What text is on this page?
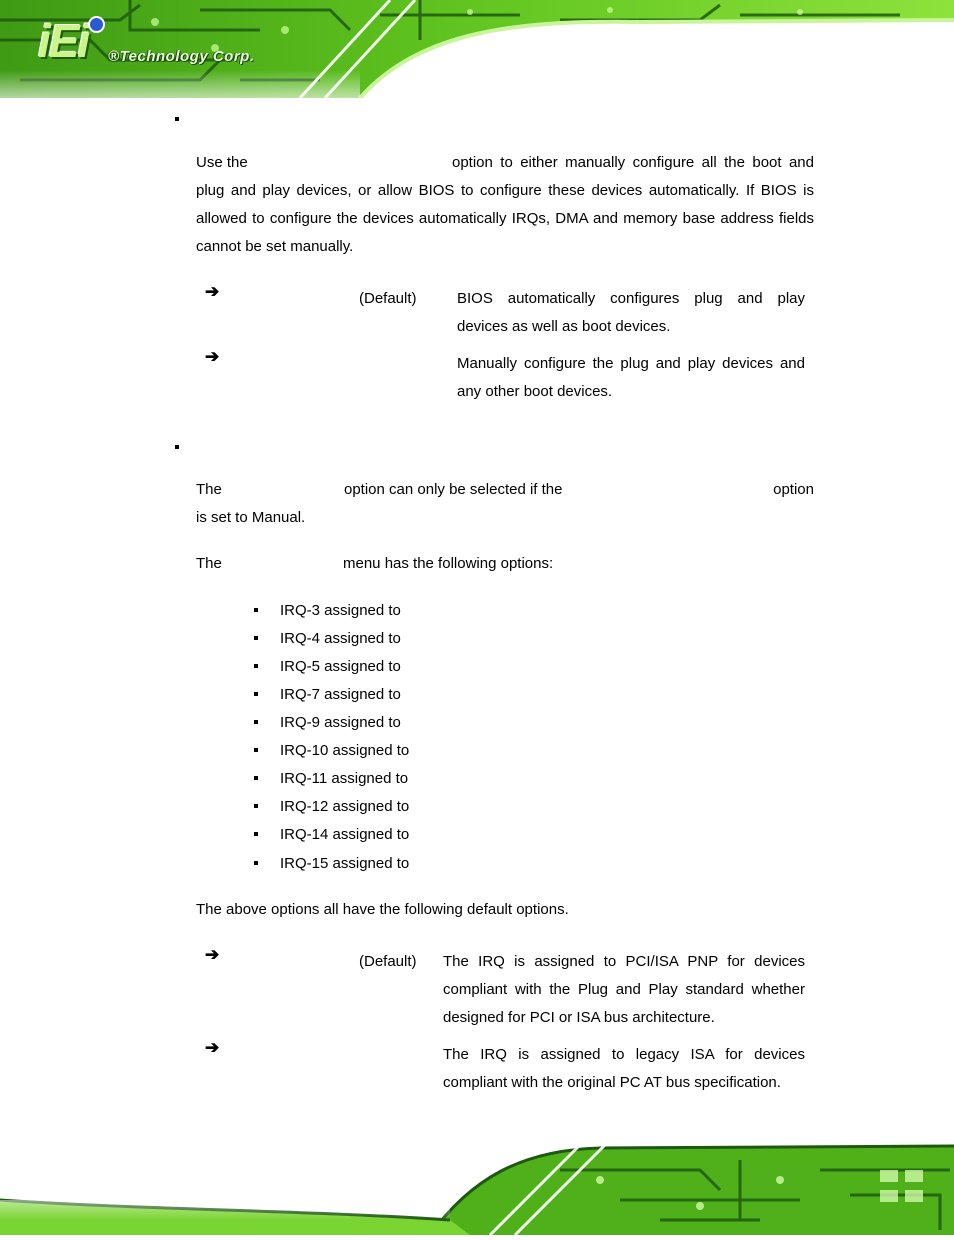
iEi ®Technology Corp.
Use the	option to either manually configure all the boot and
plug and play devices, or allow BIOS to configure these devices automatically. If BIOS is allowed to configure the devices automatically IRQs, DMA and memory base address fields cannot be set manually.
➔	(Default)	BIOS automatically configures plug and play devices as well as boot devices.
➔	Manually configure the plug and play devices and any other boot devices.
The	option can only be selected if the	option
is set to Manual.
The	menu has the following options:
IRQ-3 assigned to
IRQ-4 assigned to
IRQ-5 assigned to
IRQ-7 assigned to
IRQ-9 assigned to
IRQ-10 assigned to
IRQ-11 assigned to
IRQ-12 assigned to
IRQ-14 assigned to
IRQ-15 assigned to
The above options all have the following default options.
➔	(Default) The IRQ is assigned to PCI/ISA PNP for devices compliant with the Plug and Play standard whether designed for PCI or ISA bus architecture.
➔	The IRQ is assigned to legacy ISA for devices compliant with the original PC AT bus specification.
